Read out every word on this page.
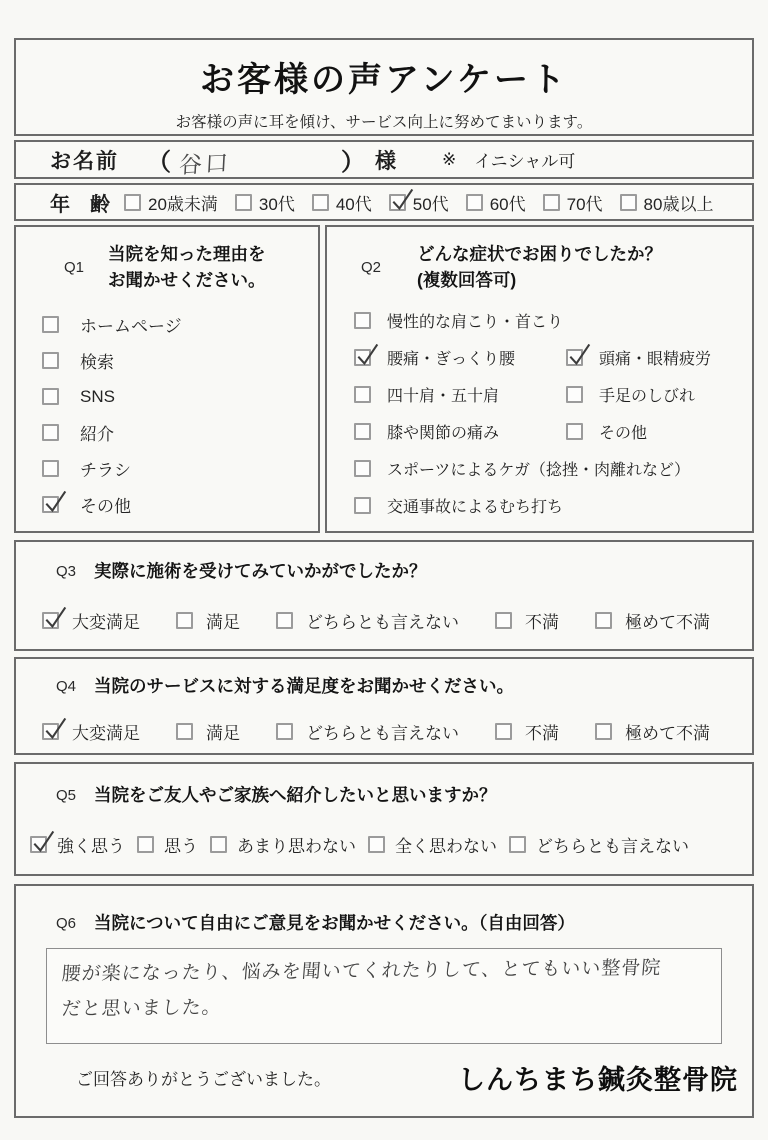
お客様の声アンケート
お客様の声に耳を傾け、サービス向上に努めてまいります。
お名前 （ 谷口	） 様	※ イニシャル可
年　齢 20歳未満 30代 40代 50代 60代 70代 80歳以上
Q1
当院を知った理由を
お聞かせください。
ホームページ
検索
SNS
紹介
チラシ
その他
Q2
どんな症状でお困りでしたか？
(複数回答可)
慢性的な肩こり・首こり
腰痛・ぎっくり腰	頭痛・眼精疲労
四十肩・五十肩	手足のしびれ
膝や関節の痛み	その他
スポーツによるケガ（捻挫・肉離れなど）
交通事故によるむち打ち
Q3 実際に施術を受けてみていかがでしたか？
大変満足	満足	どちらとも言えない	不満	極めて不満
Q4 当院のサービスに対する満足度をお聞かせください。
大変満足	満足	どちらとも言えない	不満	極めて不満
Q5 当院をご友人やご家族へ紹介したいと思いますか？
強く思う 思う あまり思わない 全く思わない どちらとも言えない
Q6 当院について自由にご意見をお聞かせください。（自由回答）
腰が楽になったり、悩みを聞いてくれたりして、とてもいい整骨院
だと思いました。
ご回答ありがとうございました。	しんちまち鍼灸整骨院
